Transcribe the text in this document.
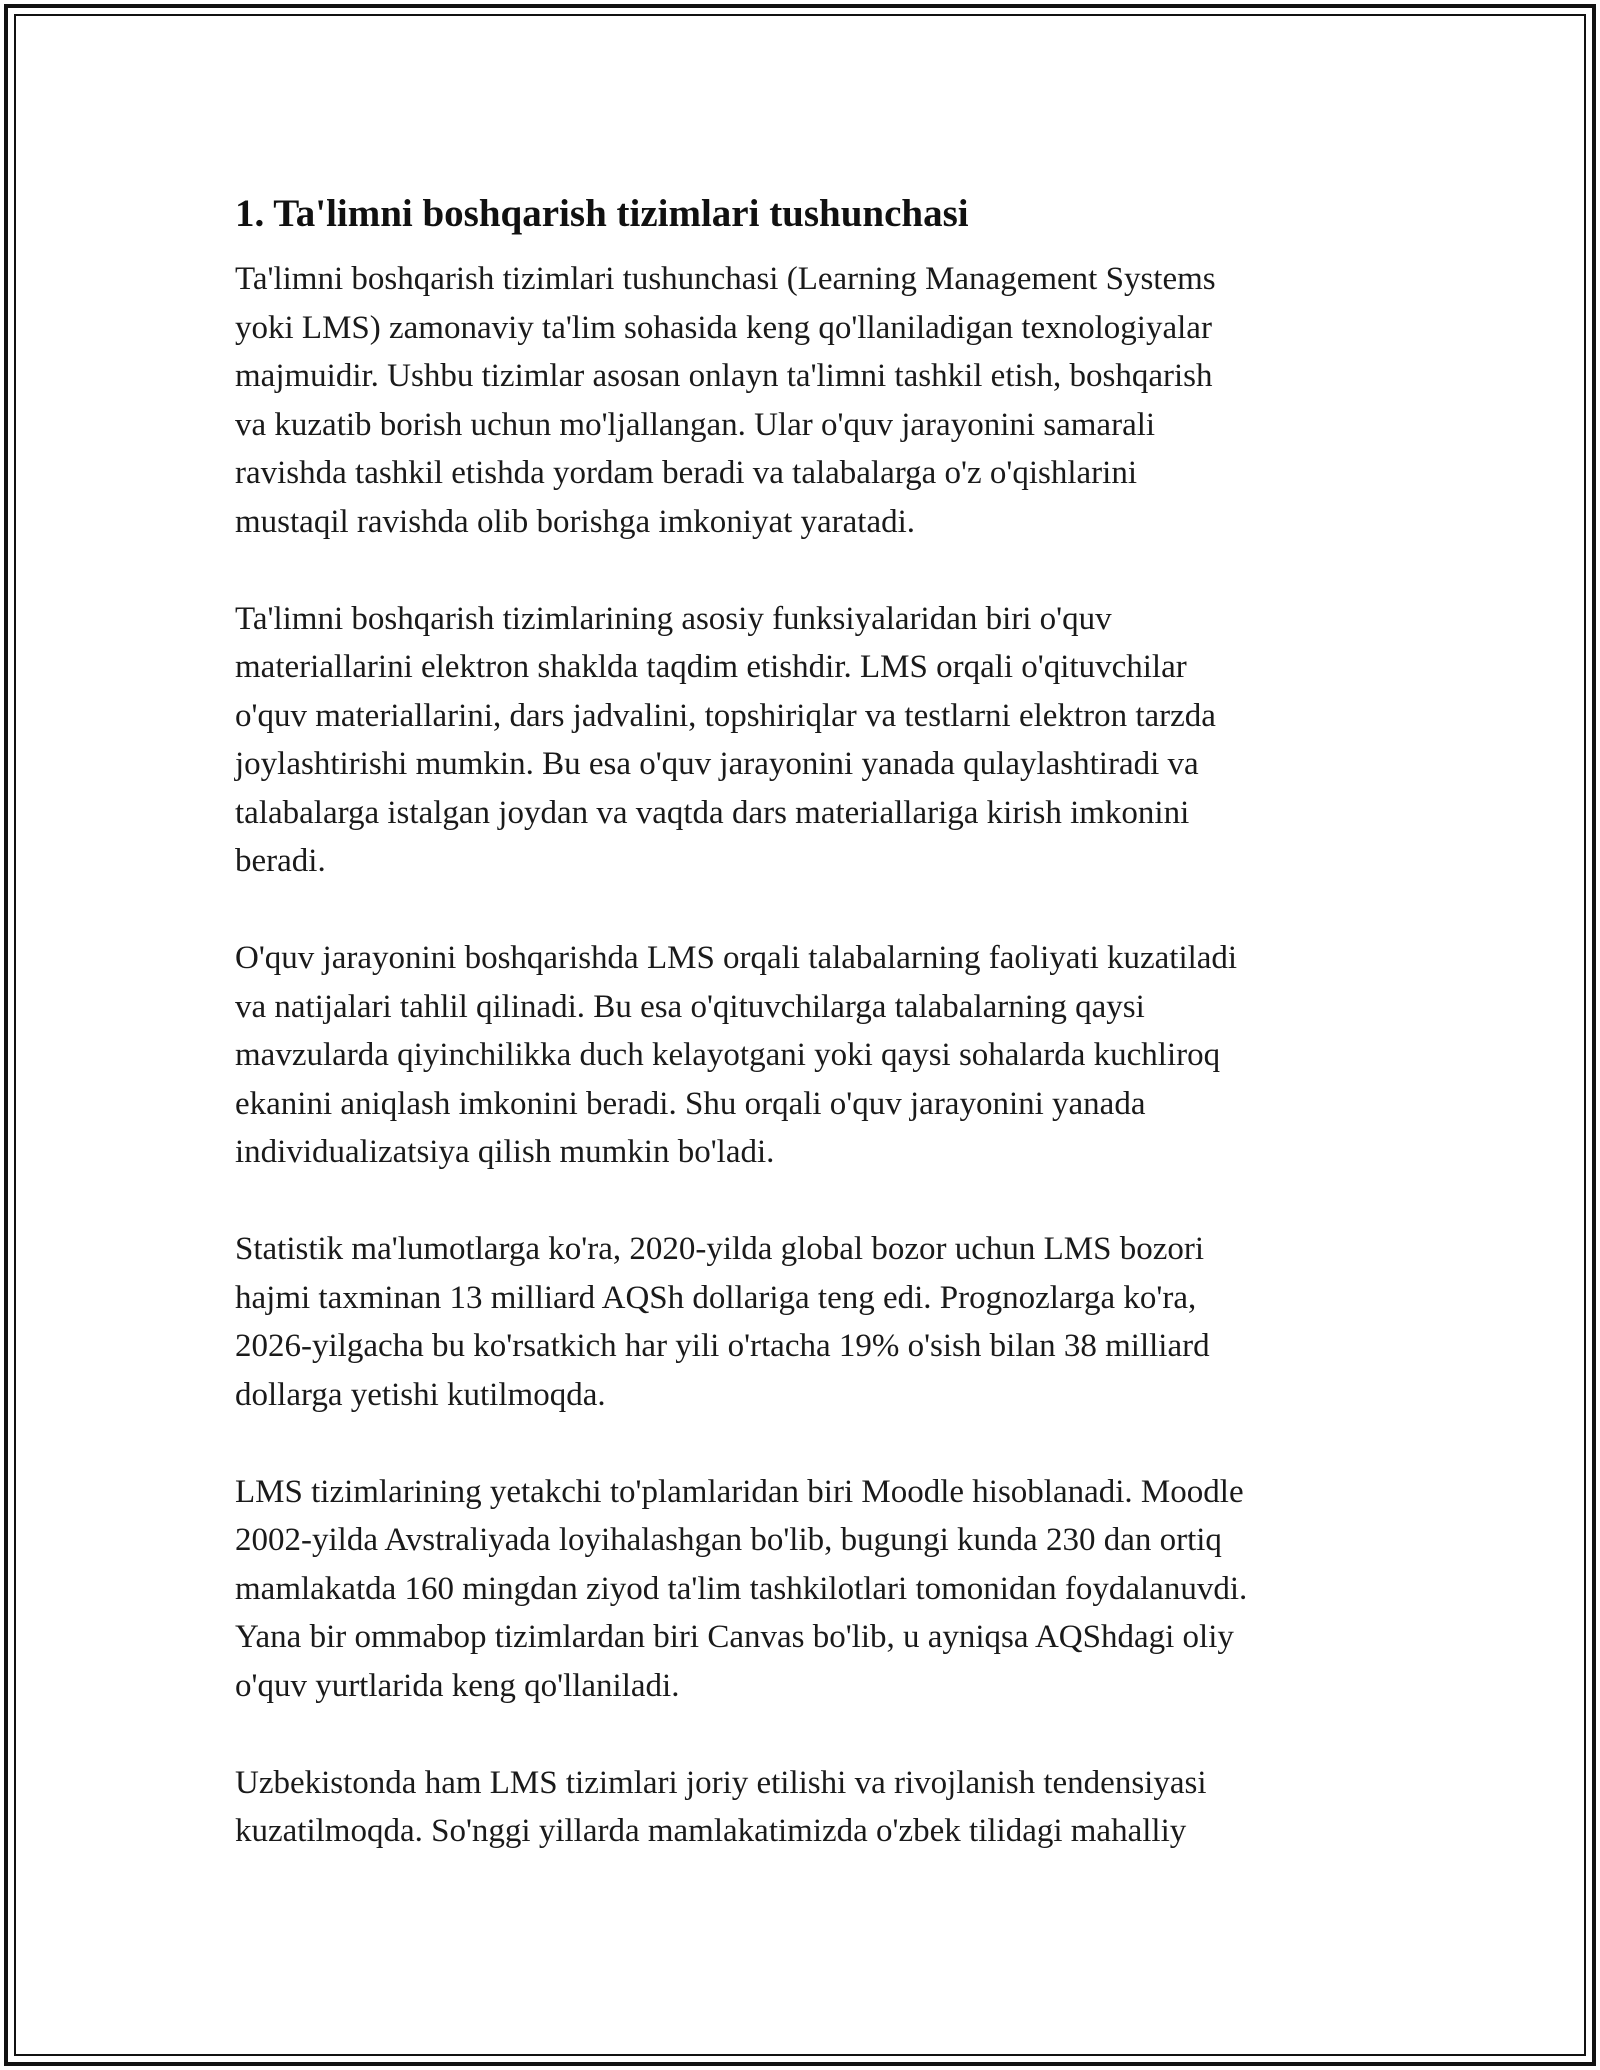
1. Ta'limni boshqarish tizimlari tushunchasi

Ta'limni boshqarish tizimlari tushunchasi (Learning Management Systems
yoki LMS) zamonaviy ta'lim sohasida keng qo'llaniladigan texnologiyalar
majmuidir. Ushbu tizimlar asosan onlayn ta'limni tashkil etish, boshqarish
va kuzatib borish uchun mo'ljallangan. Ular o'quv jarayonini samarali
ravishda tashkil etishda yordam beradi va talabalarga o'z o'qishlarini
mustaqil ravishda olib borishga imkoniyat yaratadi.

Ta'limni boshqarish tizimlarining asosiy funksiyalaridan biri o'quv
materiallarini elektron shaklda taqdim etishdir. LMS orqali o'qituvchilar
o'quv materiallarini, dars jadvalini, topshiriqlar va testlarni elektron tarzda
joylashtirishi mumkin. Bu esa o'quv jarayonini yanada qulaylashtiradi va
talabalarga istalgan joydan va vaqtda dars materiallariga kirish imkonini
beradi.

O'quv jarayonini boshqarishda LMS orqali talabalarning faoliyati kuzatiladi
va natijalari tahlil qilinadi. Bu esa o'qituvchilarga talabalarning qaysi
mavzularda qiyinchilikka duch kelayotgani yoki qaysi sohalarda kuchliroq
ekanini aniqlash imkonini beradi. Shu orqali o'quv jarayonini yanada
individualizatsiya qilish mumkin bo'ladi.

Statistik ma'lumotlarga ko'ra, 2020-yilda global bozor uchun LMS bozori
hajmi taxminan 13 milliard AQSh dollariga teng edi. Prognozlarga ko'ra,
2026-yilgacha bu ko'rsatkich har yili o'rtacha 19% o'sish bilan 38 milliard
dollarga yetishi kutilmoqda.

LMS tizimlarining yetakchi to'plamlaridan biri Moodle hisoblanadi. Moodle
2002-yilda Avstraliyada loyihalashgan bo'lib, bugungi kunda 230 dan ortiq
mamlakatda 160 mingdan ziyod ta'lim tashkilotlari tomonidan foydalanuvdi.
Yana bir ommabop tizimlardan biri Canvas bo'lib, u ayniqsa AQShdagi oliy
o'quv yurtlarida keng qo'llaniladi.

Uzbekistonda ham LMS tizimlari joriy etilishi va rivojlanish tendensiyasi
kuzatilmoqda. So'nggi yillarda mamlakatimizda o'zbek tilidagi mahalliy
